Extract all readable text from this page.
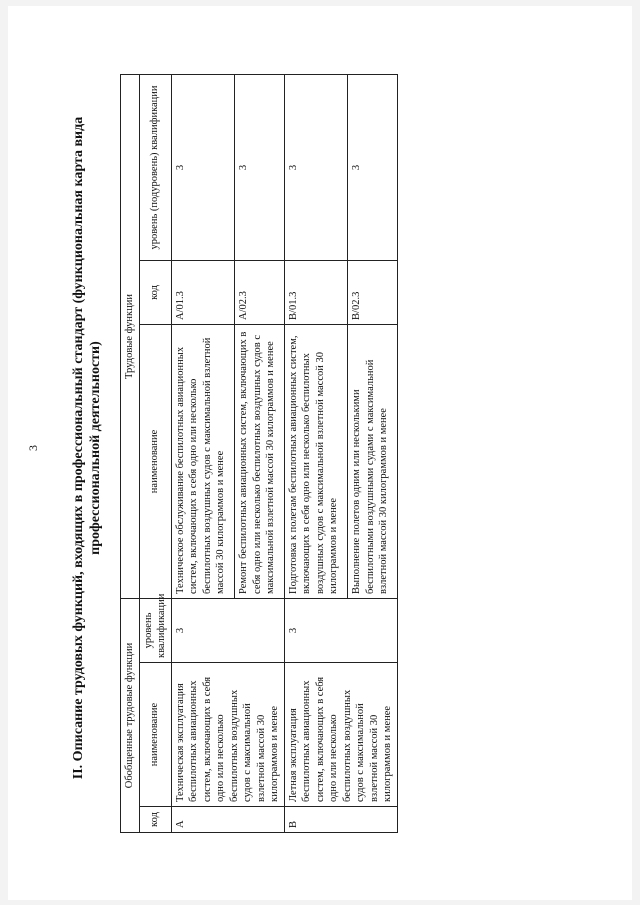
3 II. Описание трудовых функций, входящих в профессиональный стандарт (функциональная карта вида профессиональной деятельности)
Обобщенные трудовые функции			Трудовые функции		
код	наименование	уровень квалификации	наименование	код	уровень (подуровень) квалификации
A	Техническая эксплуатация беспилотных авиационных систем, включающих в себя одно или несколько беспилотных воздушных судов с максимальной взлетной массой 30 килограммов и менее	3	Техническое обслуживание беспилотных авиационных систем, включающих в себя одно или несколько беспилотных воздушных судов с максимальной взлетной массой 30 килограммов и менее	A/01.3	3
			Ремонт беспилотных авиационных систем, включающих в себя одно или несколько беспилотных воздушных судов с максимальной взлетной массой 30 килограммов и менее	A/02.3	3
B	Летная эксплуатация беспилотных авиационных систем, включающих в себя одно или несколько беспилотных воздушных судов с максимальной взлетной массой 30 килограммов и менее	3	Подготовка к полетам беспилотных авиационных систем, включающих в себя одно или несколько беспилотных воздушных судов с максимальной взлетной массой 30 килограммов и менее	B/01.3	3
			Выполнение полетов одним или несколькими беспилотными воздушными судами с максимальной взлетной массой 30 килограммов и менее	B/02.3	3
